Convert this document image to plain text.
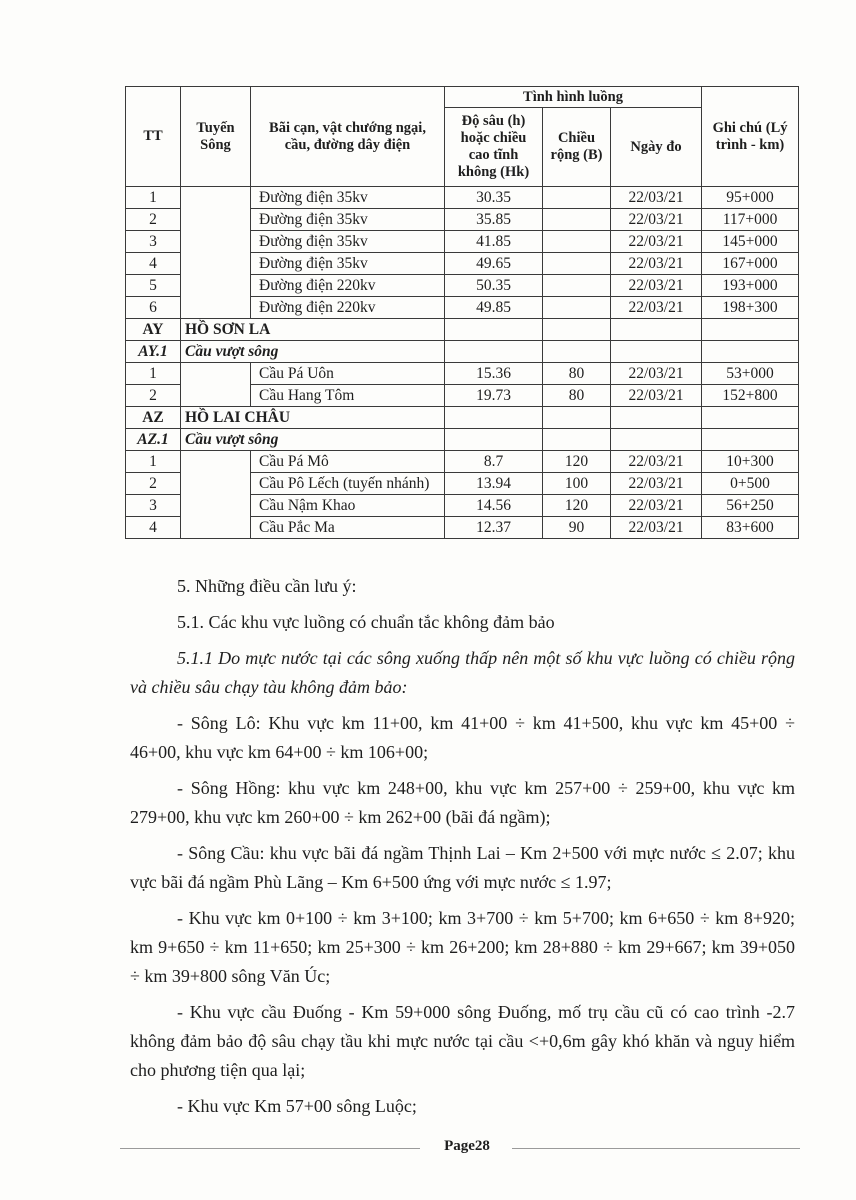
TT	Tuyến Sông	Bãi cạn, vật chướng ngại, cầu, đường dây điện	Tình hình luồng			Ghi chú (Lý trình - km)
			Độ sâu (h) hoặc chiều cao tĩnh không (Hk)	Chiều rộng (B)	Ngày đo	
1		Đường điện 35kv	30.35		22/03/21	95+000
2		Đường điện 35kv	35.85		22/03/21	117+000
3		Đường điện 35kv	41.85		22/03/21	145+000
4		Đường điện 35kv	49.65		22/03/21	167+000
5		Đường điện 220kv	50.35		22/03/21	193+000
6		Đường điện 220kv	49.85		22/03/21	198+300
AY	HỒ SƠN LA					
AY.1	Cầu vượt sông					
1		Cầu Pá Uôn	15.36	80	22/03/21	53+000
2		Cầu Hang Tôm	19.73	80	22/03/21	152+800
AZ	HỒ LAI CHÂU					
AZ.1	Cầu vượt sông					
1		Cầu Pá Mô	8.7	120	22/03/21	10+300
2		Cầu Pô Lếch (tuyến nhánh)	13.94	100	22/03/21	0+500
3		Cầu Nậm Khao	14.56	120	22/03/21	56+250
4		Cầu Pắc Ma	12.37	90	22/03/21	83+600

5. Những điều cần lưu ý:

5.1. Các khu vực luồng có chuẩn tắc không đảm bảo

5.1.1 Do mực nước tại các sông xuống thấp nên một số khu vực luồng có chiều rộng và chiều sâu chạy tàu không đảm bảo:

- Sông Lô: Khu vực km 11+00, km 41+00 ÷ km 41+500, khu vực km 45+00 ÷ 46+00, khu vực km 64+00 ÷ km 106+00;

- Sông Hồng: khu vực km 248+00, khu vực km 257+00 ÷ 259+00, khu vực km 279+00, khu vực km 260+00 ÷ km 262+00 (bãi đá ngầm);

- Sông Cầu: khu vực bãi đá ngầm Thịnh Lai – Km 2+500 với mực nước ≤ 2.07; khu vực bãi đá ngầm Phù Lãng – Km 6+500 ứng với mực nước ≤ 1.97;

- Khu vực km 0+100 ÷ km 3+100; km 3+700 ÷ km 5+700; km 6+650 ÷ km 8+920; km 9+650 ÷ km 11+650; km 25+300 ÷ km 26+200; km 28+880 ÷ km 29+667; km 39+050 ÷ km 39+800 sông Văn Úc;

- Khu vực cầu Đuống - Km 59+000 sông Đuống, mố trụ cầu cũ có cao trình -2.7 không đảm bảo độ sâu chạy tầu khi mực nước tại cầu <+0,6m gây khó khăn và nguy hiểm cho phương tiện qua lại;

- Khu vực Km 57+00 sông Luộc;

Page28
